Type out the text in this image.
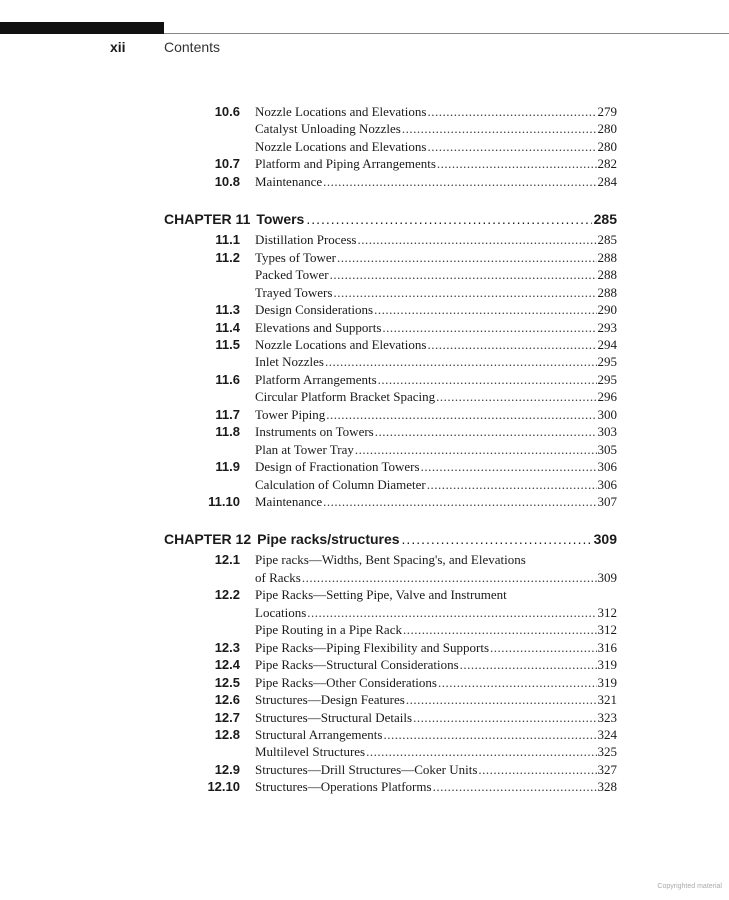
xii	Contents
10.6 Nozzle Locations and Elevations .....	279
Catalyst Unloading Nozzles .....	280
Nozzle Locations and Elevations .....	280
10.7 Platform and Piping Arrangements .....	282
10.8 Maintenance .....	284
CHAPTER 11 Towers .....	285
11.1 Distillation Process .....	285
11.2 Types of Tower .....	288
Packed Tower .....	288
Trayed Towers .....	288
11.3 Design Considerations .....	290
11.4 Elevations and Supports .....	293
11.5 Nozzle Locations and Elevations .....	294
Inlet Nozzles .....	295
11.6 Platform Arrangements .....	295
Circular Platform Bracket Spacing .....	296
11.7 Tower Piping .....	300
11.8 Instruments on Towers .....	303
Plan at Tower Tray .....	305
11.9 Design of Fractionation Towers .....	306
Calculation of Column Diameter .....	306
11.10 Maintenance .....	307
CHAPTER 12 Pipe racks/structures .....	309
12.1 Pipe racks—Widths, Bent Spacing's, and Elevations
of Racks .....	309
12.2 Pipe Racks—Setting Pipe, Valve and Instrument
Locations .....	312
Pipe Routing in a Pipe Rack .....	312
12.3 Pipe Racks—Piping Flexibility and Supports .....	316
12.4 Pipe Racks—Structural Considerations .....	319
12.5 Pipe Racks—Other Considerations .....	319
12.6 Structures—Design Features .....	321
12.7 Structures—Structural Details .....	323
12.8 Structural Arrangements .....	324
Multilevel Structures .....	325
12.9 Structures—Drill Structures—Coker Units .....	327
12.10 Structures—Operations Platforms .....	328
Copyrighted material
